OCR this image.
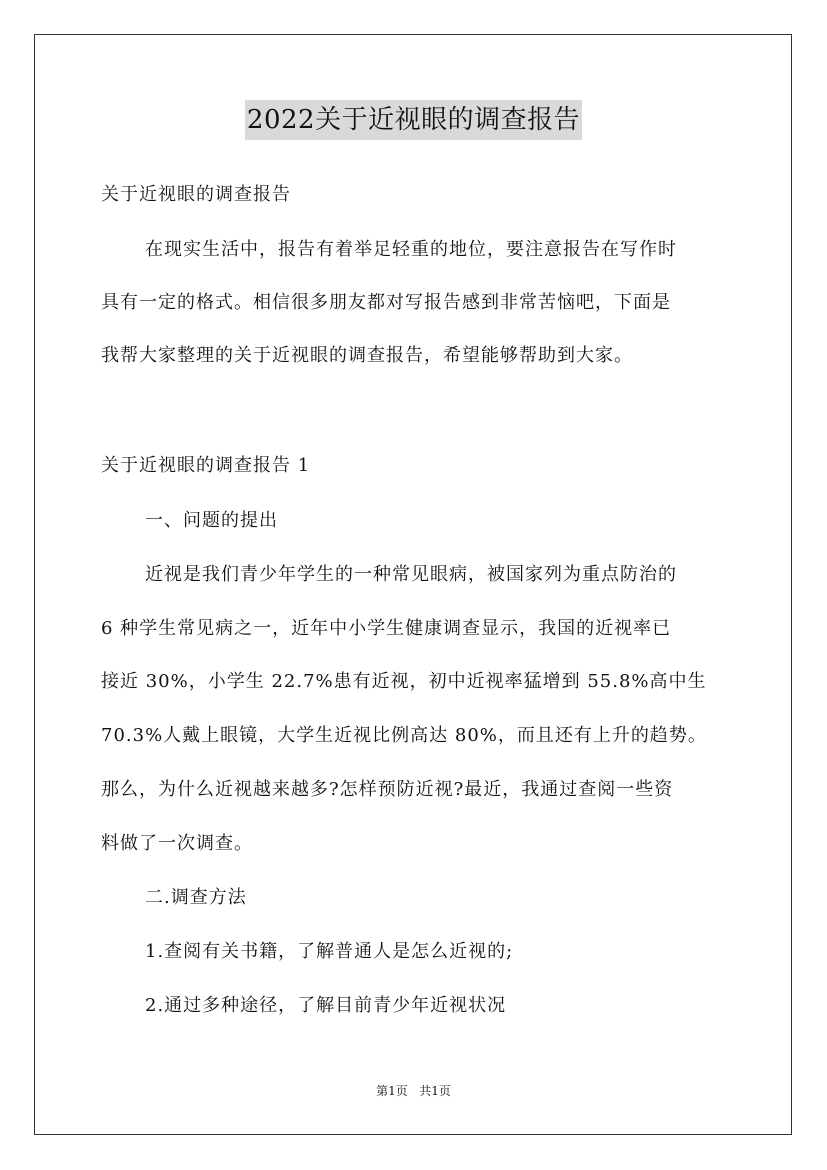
2022关于近视眼的调查报告
关于近视眼的调查报告
在现实生活中，报告有着举足轻重的地位，要注意报告在写作时
具有一定的格式。相信很多朋友都对写报告感到非常苦恼吧，下面是
我帮大家整理的关于近视眼的调查报告，希望能够帮助到大家。
关于近视眼的调查报告 1
一、问题的提出
近视是我们青少年学生的一种常见眼病，被国家列为重点防治的
6 种学生常见病之一，近年中小学生健康调查显示，我国的近视率已
接近 30%，小学生 22.7%患有近视，初中近视率猛增到 55.8%高中生
70.3%人戴上眼镜，大学生近视比例高达 80%，而且还有上升的趋势。
那么，为什么近视越来越多?怎样预防近视?最近，我通过查阅一些资
料做了一次调查。
二.调查方法
1.查阅有关书籍，了解普通人是怎么近视的;
2.通过多种途径，了解目前青少年近视状况
第1页   共1页
